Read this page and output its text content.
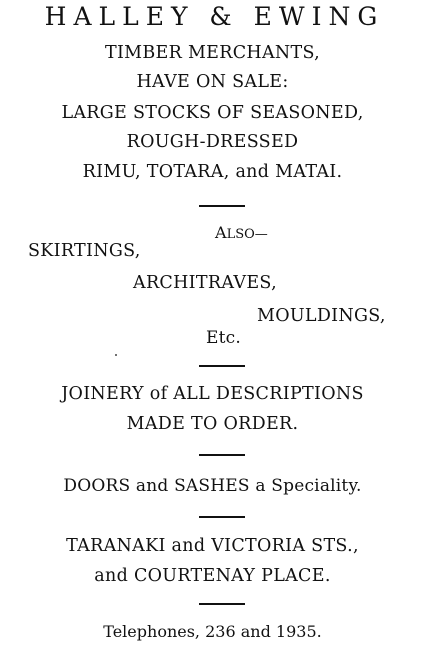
HALLEY & EWING
TIMBER MERCHANTS,
HAVE ON SALE:
LARGE STOCKS OF SEASONED,
ROUGH-DRESSED
RIMU, TOTARA, and MATAI.
ALSO—
SKIRTINGS,
ARCHITRAVES,
MOULDINGS,
Etc.
JOINERY of ALL DESCRIPTIONS
MADE TO ORDER.
DOORS and SASHES a Speciality.
TARANAKI and VICTORIA STS.,
and COURTENAY PLACE.
Telephones, 236 and 1935.
